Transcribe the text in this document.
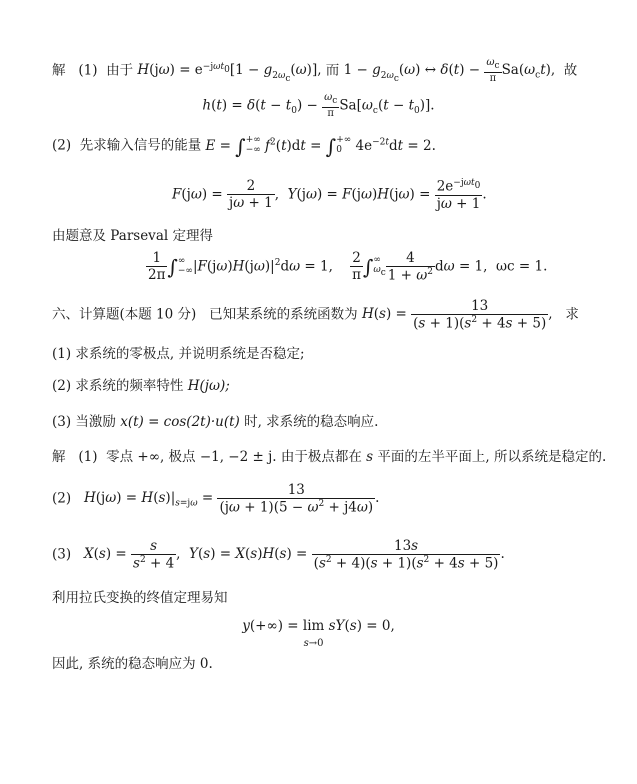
解 (1) 由于 $H(j\omega) = e^{-j\omega t_0}[1 - g_{2\omega_c}(\omega)]$, 而 $1 - g_{2\omega_c}(\omega)$ ↔ $\delta(t) - \frac{\omega_c}{\pi} Sa(\omega_ct)$, 故
$h(t) = \delta(t - t_0) - \frac{\omega_c}{\pi} Sa[\omega_c(t - t_0)]$.
(2) 先求输入信号的能量 E = ∫+∞
−∞ $f^2(t)dt$ = ∫+∞
0 $4e^{-2t}dt = 2$.
$F(j\omega) = \frac{2}{j\omega + 1}$ ,  $Y(j\omega) = F(j\omega)H(j\omega) = \frac{2e^{-j\omega t_0}}{j\omega + 1}$ .
由题意及 Parseval 定理得
$\frac{1}{2\pi}$ ∫∞
$-\infty|F(j\omega)H(j\omega)|^2d\omega = 1$, $\frac{2}{\pi}$ ∫∞
$\omega_c \frac{4}{1 + \omega^2}$ dω = 1,  ωc = 1.
六、计算题(本题 10 分) 已知某系统的系统函数为 $H(s) = \frac{13}{(s + 1)(s^2 + 4s + 5)}$ , 求
(1) 求系统的零极点, 并说明系统是否稳定;
(2) 求系统的频率特性 H(jω);
(3) 当激励 x(t) = cos(2t)·u(t) 时, 求系统的稳态响应.
解 (1) 零点 +∞, 极点 −1, −2 ± j. 由于极点都在 s 平面的左半平面上, 所以系统是稳定的.
(2) $H(j\omega) = H(s)|_{s=j\omega} = \frac{13}{(j\omega + 1)(5 - \omega^2 + j4\omega)}$ .
(3) $X(s) = \frac{s}{s^2 + 4}$ ,  $Y(s) = X(s)H(s) = \frac{13s}{(s^2 + 4)(s + 1)(s^2 + 4s + 5)}$ .
利用拉氏变换的终值定理易知
y(+∞) = lim
s→0 sY(s) = 0,
因此, 系统的稳态响应为 0.
